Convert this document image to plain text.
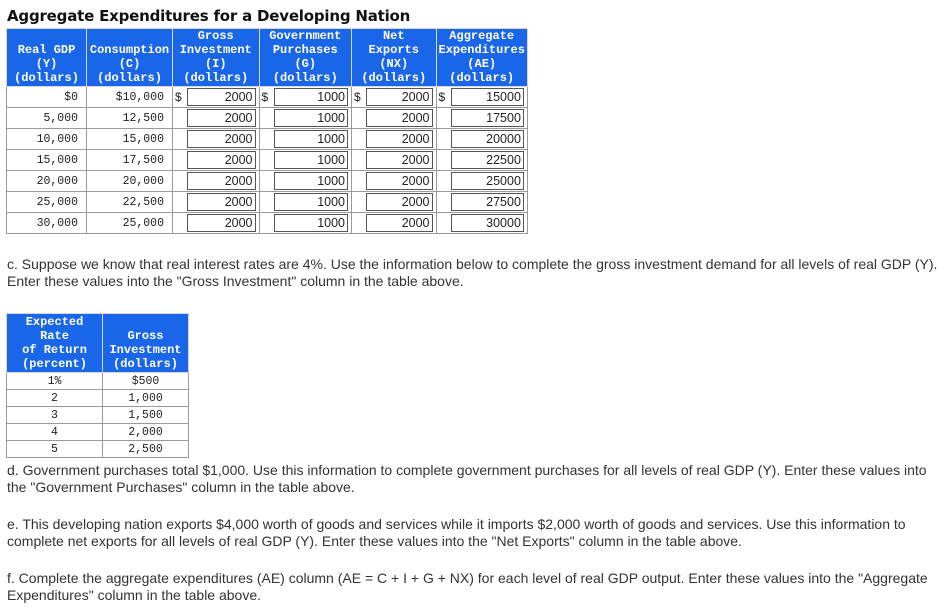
Aggregate Expenditures for a Developing Nation

Real GDP
(Y)
(dollars)	Consumption
(C)
(dollars)	Gross
Investment
(I)
(dollars)		Government
Purchases
(G)
(dollars)		Net
Exports
(NX)
(dollars)		Aggregate
Expenditures
(AE)
(dollars)	
$0	$10,000	$	2000	$	1000	$	2000	$	15000

5,000	12,500		2000		1000		2000		17500

10,000	15,000		2000		1000		2000		20000

15,000	17,500		2000		1000		2000		22500

20,000	20,000		2000		1000		2000		25000

25,000	22,500		2000		1000		2000		27500

30,000	25,000		2000		1000		2000		30000
c. Suppose we know that real interest rates are 4%. Use the information below to complete the gross investment demand for all levels of real GDP (Y). Enter these values into the "Gross Investment" column in the table above.
Expected Rate
of Return
(percent)	Gross
Investment
(dollars)
1%	$500
2	1,000
3	1,500
4	2,000
5	2,500
d. Government purchases total $1,000. Use this information to complete government purchases for all levels of real GDP (Y). Enter these values into the "Government Purchases" column in the table above.
e. This developing nation exports $4,000 worth of goods and services while it imports $2,000 worth of goods and services. Use this information to complete net exports for all levels of real GDP (Y). Enter these values into the "Net Exports" column in the table above.
f. Complete the aggregate expenditures (AE) column (AE = C + I + G + NX) for each level of real GDP output. Enter these values into the "Aggregate Expenditures" column in the table above.
